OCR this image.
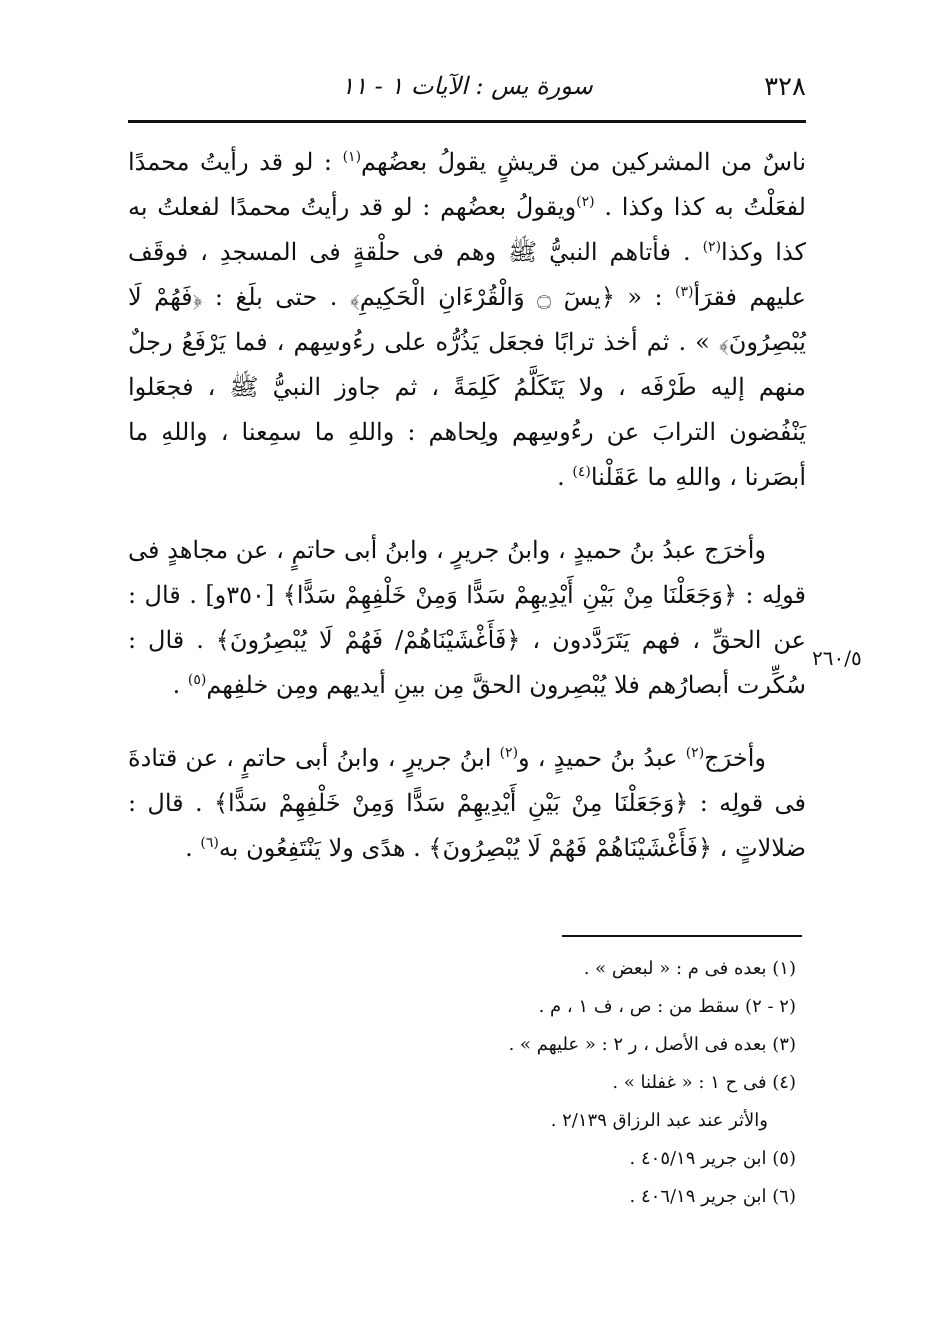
٣٢٨
سورة يس : الآيات ١ - ١١

ناسٌ من المشركين من قريشٍ يقولُ بعضُهم$^{(١)}$ : لو قد رأيتُ محمدًا لفعَلْتُ به كذا وكذا . $^{(٢)}$ويقولُ بعضُهم : لو قد رأيتُ محمدًا لفعلتُ به كذا وكذا$^{(٢)}$ . فأتاهم النبيُّ ﷺ وهم فى حلْقةٍ فى المسجدِ ، فوقَف عليهم فقرَأ$^{(٣)}$ : « ﴿يسٓ ۝ وَالْقُرْءَانِ الْحَكِيمِ﴾ . حتى بلَغ : ﴿فَهُمْ لَا يُبْصِرُونَ﴾ » . ثم أخذ ترابًا فجعَل يَذُرُّه على رءُوسِهم ، فما يَرْفَعُ رجلٌ منهم إليه طَرْفَه ، ولا يَتَكَلَّمُ كَلِمَةً ، ثم جاوز النبيُّ ﷺ ، فجعَلوا يَنْفُضون الترابَ عن رءُوسِهم ولِحاهم : واللهِ ما سمِعنا ، واللهِ ما أبصَرنا ، واللهِ ما عَقَلْنا$^{(٤)}$ .

وأخرَج عبدُ بنُ حميدٍ ، وابنُ جريرٍ ، وابنُ أبى حاتمٍ ، عن مجاهدٍ فى قولِه : ﴿وَجَعَلْنَا مِنْ بَيْنِ أَيْدِيهِمْ سَدًّا وَمِنْ خَلْفِهِمْ سَدًّا﴾ [٣٥٠و] . قال : عن الحقِّ ، فهم يَتَرَدَّدون ، ﴿فَأَغْشَيْنَاهُمْ/ فَهُمْ لَا يُبْصِرُونَ﴾ . قال : سُكِّرت أبصارُهم فلا يُبْصِرون الحقَّ مِن بينِ أيديهم ومِن خلفِهم$^{(٥)}$ .

وأخرَج$^{(٢)}$ عبدُ بنُ حميدٍ ، و$^{(٢)}$ ابنُ جريرٍ ، وابنُ أبى حاتمٍ ، عن قتادةَ فى قولِه : ﴿وَجَعَلْنَا مِنْ بَيْنِ أَيْدِيهِمْ سَدًّا وَمِنْ خَلْفِهِمْ سَدًّا﴾ . قال : ضلالاتٍ ، ﴿فَأَغْشَيْنَاهُمْ فَهُمْ لَا يُبْصِرُونَ﴾ . هدًى ولا يَنْتَفِعُون به$^{(٦)}$ .

٢٦٠/٥

(١) بعده فى م : « لبعض » .

(٢ - ٢) سقط من : ص ، ف ١ ، م .

(٣) بعده فى الأصل ، ر ٢ : « عليهم » .

(٤) فى ح ١ : « غفلنا » .

والأثر عند عبد الرزاق ٢/١٣٩ .

(٥) ابن جرير ٤٠٥/١٩ .

(٦) ابن جرير ٤٠٦/١٩ .
